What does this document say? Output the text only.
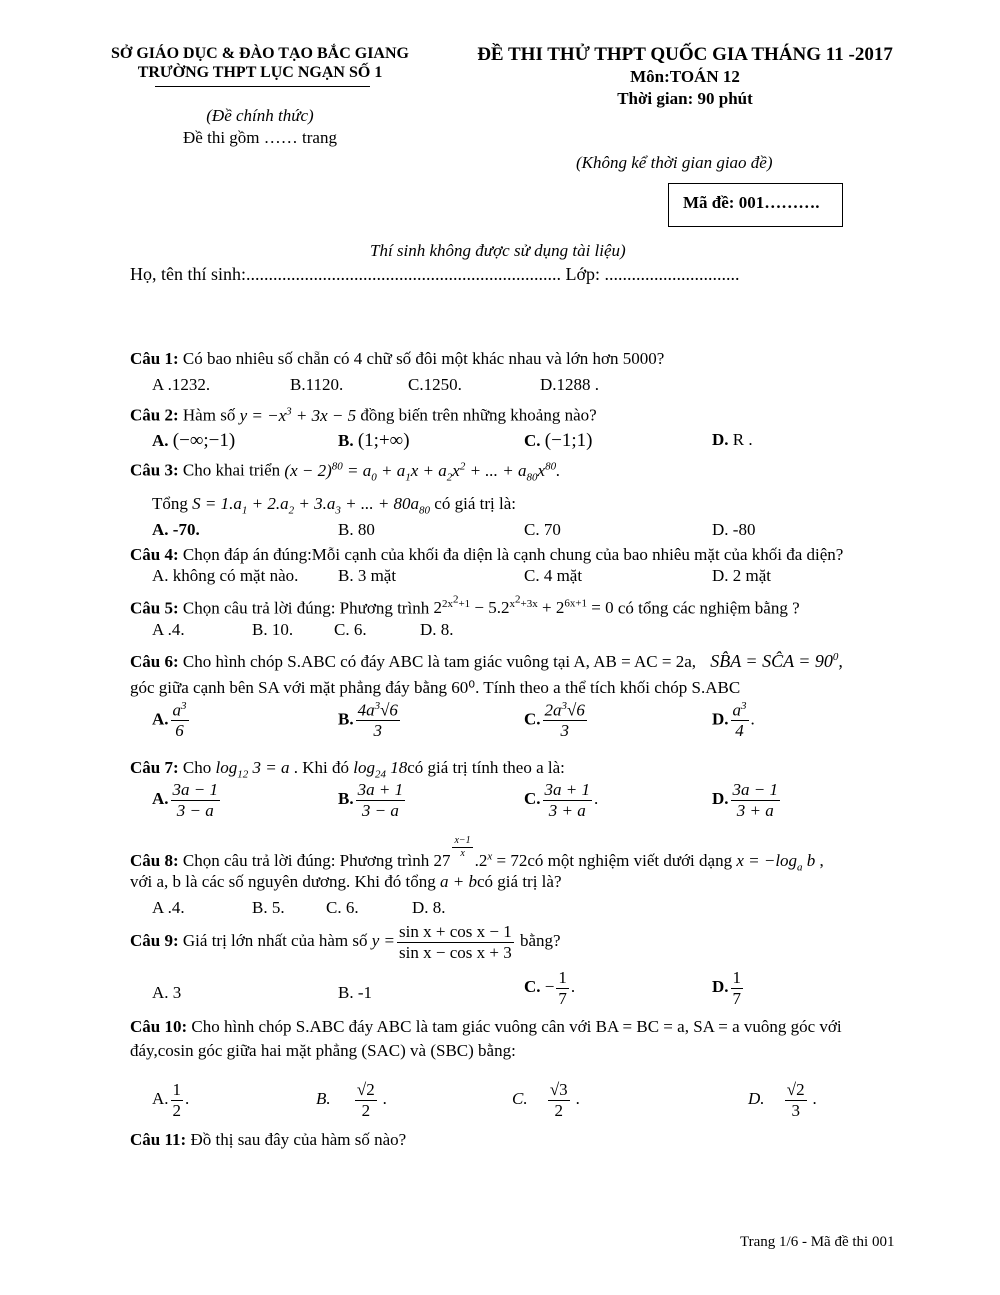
SỞ GIÁO DỤC & ĐÀO TẠO BẮC GIANG
TRƯỜNG THPT LỤC NGẠN SỐ 1
(Đề chính thức)
Đề thi gồm …… trang
ĐỀ THI THỬ THPT QUỐC GIA THÁNG 11 -2017
Môn:TOÁN 12
Thời gian: 90 phút
(Không kể thời gian giao đề)
Mã đề: 001……….
Thí sinh không được sử dụng tài liệu)
Họ, tên thí sinh:...................................................................... Lớp: ..............................
Câu 1: Có bao nhiêu số chẵn có 4 chữ số đôi một khác nhau và lớn hơn 5000?
A .1232.	B.1120.	C.1250.	D.1288 .
Câu 2: Hàm số $y = -x^3 + 3x - 5$ đồng biến trên những khoảng nào?
A. (−∞;−1)	B. (1;+∞)	C. (−1;1)	D. R .
Câu 3: Cho khai triển $(x - 2)^{80} = a_0 + a_1x + a_2x^2$ + ... + $a_{80}x^{80}$.
Tổng $S = 1.a_1 + 2.a_2 + 3.a_3$ + ... + $80a_{80}$ có giá trị là:
A. -70.	B. 80	C. 70	D. -80
Câu 4: Chọn đáp án đúng:Mỗi cạnh của khối đa diện là cạnh chung của bao nhiêu mặt của khối đa diện?
A. không có mặt nào. B. 3 mặt	C. 4 mặt	D. 2 mặt
Câu 5: Chọn câu trả lời đúng: Phương trình $2^{2x^2+1} - 5.2^{x^2+3x} + 2^{6x+1} = 0$ có tổng các nghiệm bằng ?
A .4.	B. 10. C. 6.	D. 8.
Câu 6: Cho hình chóp S.ABC có đáy ABC là tam giác vuông tại A, AB = AC = 2a, SB̂A = SĈA = $90^0$,
góc giữa cạnh bên SA với mặt phẳng đáy bằng 60⁰. Tính theo a thể tích khối chóp S.ABC
A. $\frac{a^3}{6}$	B. $\frac{4a^3√6}{3}$	C. $\frac{2a^3√6}{3}$	D. $\frac{a^3}{4}$ .
Câu 7: Cho $\log_{12} 3 = a$ . Khi đó $\log_{24}$ 18có giá trị tính theo a là:
A. $\frac{3a - 1}{3 - a}$	B. $\frac{3a + 1}{3 - a}$	C. $\frac{3a + 1}{3 + a}$ .	D. $\frac{3a - 1}{3 + a}$
Câu 8: Chọn câu trả lời đúng: Phương trình 27
$^{\frac{x-1}{x}}$
$.2^x$ = 72có một nghiệm viết dưới dạng $x = -\log_a$ b ,
với a, b là các số nguyên dương. Khi đó tổng a + bcó giá trị là?
A .4.	B. 5. C. 6.	D. 8.
Câu 9: Giá trị lớn nhất của hàm số $y = \frac{\text{sin x + cos x − 1}}{\text{sin x − cos x + 3}}$ bằng?
A. 3	B. -1	C. − $\frac{1}{7}$ .	D. $\frac{1}{7}$
Câu 10: Cho hình chóp S.ABC đáy ABC là tam giác vuông cân với BA = BC = a, SA = a vuông góc với
đáy,cosin góc giữa hai mặt phẳng (SAC) và (SBC) bằng:
A. $\frac{1}{2}$ .	B. $\frac{√2}{2}$ .	C. $\frac{√3}{2}$ .	D. $\frac{√2}{3}$ .
Câu 11: Đồ thị sau đây của hàm số nào?
Trang 1/6 - Mã đề thi 001
